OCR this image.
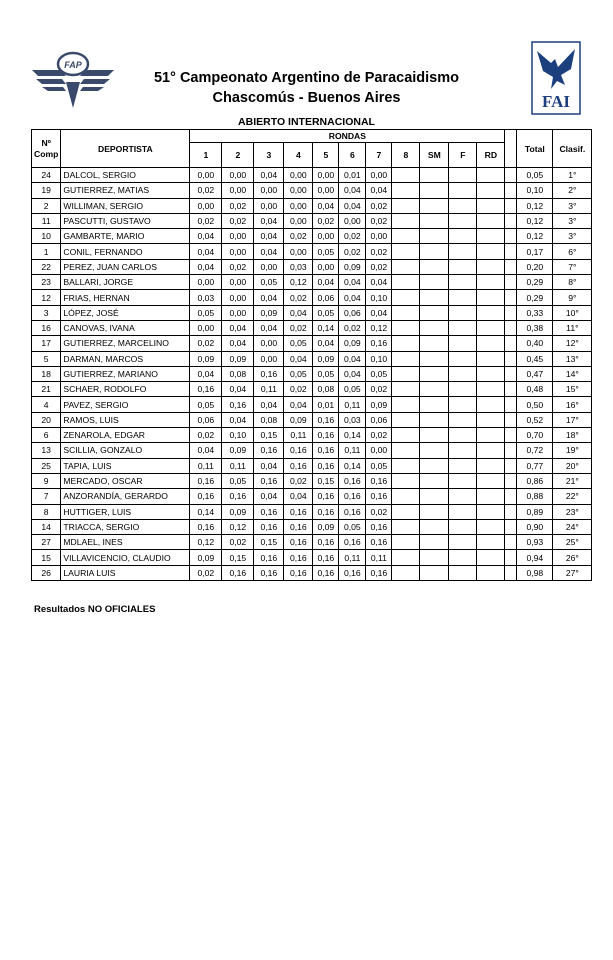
FAP
FAI
51° Campeonato Argentino de Paracaidismo
Chascomús - Buenos Aires
ABIERTO INTERNACIONAL
Nº
Comp	DEPORTISTA	RONDAS												Total	Clasif.
		1	2	3	4	5	6	7	8	SM	F	RD			
24	DALCOL, SERGIO	0,00	0,00	0,04	0,00	0,00	0,01	0,00						0,05	1°
19	GUTIERREZ, MATIAS	0,02	0,00	0,00	0,00	0,00	0,04	0,04						0,10	2°
2	WILLIMAN, SERGIO	0,00	0,02	0,00	0,00	0,04	0,04	0,02						0,12	3°
11	PASCUTTI, GUSTAVO	0,02	0,02	0,04	0,00	0,02	0,00	0,02						0,12	3°
10	GAMBARTE, MARIO	0,04	0,00	0,04	0,02	0,00	0,02	0,00						0,12	3°
1	CONIL, FERNANDO	0,04	0,00	0,04	0,00	0,05	0,02	0,02						0,17	6°
22	PEREZ, JUAN CARLOS	0,04	0,02	0,00	0,03	0,00	0,09	0,02						0,20	7°
23	BALLARI, JORGE	0,00	0,00	0,05	0,12	0,04	0,04	0,04						0,29	8°
12	FRIAS, HERNAN	0,03	0,00	0,04	0,02	0,06	0,04	0,10						0,29	9°
3	LÓPEZ, JOSÉ	0,05	0,00	0,09	0,04	0,05	0,06	0,04						0,33	10°
16	CANOVAS, IVANA	0,00	0,04	0,04	0,02	0,14	0,02	0,12						0,38	11°
17	GUTIERREZ, MARCELINO	0,02	0,04	0,00	0,05	0,04	0,09	0,16						0,40	12°
5	DARMAN, MARCOS	0,09	0,09	0,00	0,04	0,09	0,04	0,10						0,45	13°
18	GUTIERREZ, MARIANO	0,04	0,08	0,16	0,05	0,05	0,04	0,05						0,47	14°
21	SCHAER, RODOLFO	0,16	0,04	0,11	0,02	0,08	0,05	0,02						0,48	15°
4	PAVEZ, SERGIO	0,05	0,16	0,04	0,04	0,01	0,11	0,09						0,50	16°
20	RAMOS, LUIS	0,06	0,04	0,08	0,09	0,16	0,03	0,06						0,52	17°
6	ZENAROLA, EDGAR	0,02	0,10	0,15	0,11	0,16	0,14	0,02						0,70	18°
13	SCILLIA, GONZALO	0,04	0,09	0,16	0,16	0,16	0,11	0,00						0,72	19°
25	TAPIA, LUIS	0,11	0,11	0,04	0,16	0,16	0,14	0,05						0,77	20°
9	MERCADO, OSCAR	0,16	0,05	0,16	0,02	0,15	0,16	0,16						0,86	21°
7	ANZORANDÍA, GERARDO	0,16	0,16	0,04	0,04	0,16	0,16	0,16						0,88	22°
8	HUTTIGER, LUIS	0,14	0,09	0,16	0,16	0,16	0,16	0,02						0,89	23°
14	TRIACCA, SERGIO	0,16	0,12	0,16	0,16	0,09	0,05	0,16						0,90	24°
27	MDLAEL, INES	0,12	0,02	0,15	0,16	0,16	0,16	0,16						0,93	25°
15	VILLAVICENCIO, CLAUDIO	0,09	0,15	0,16	0,16	0,16	0,11	0,11						0,94	26°
26	LAURIA LUIS	0,02	0,16	0,16	0,16	0,16	0,16	0,16						0,98	27°
Resultados NO OFICIALES
